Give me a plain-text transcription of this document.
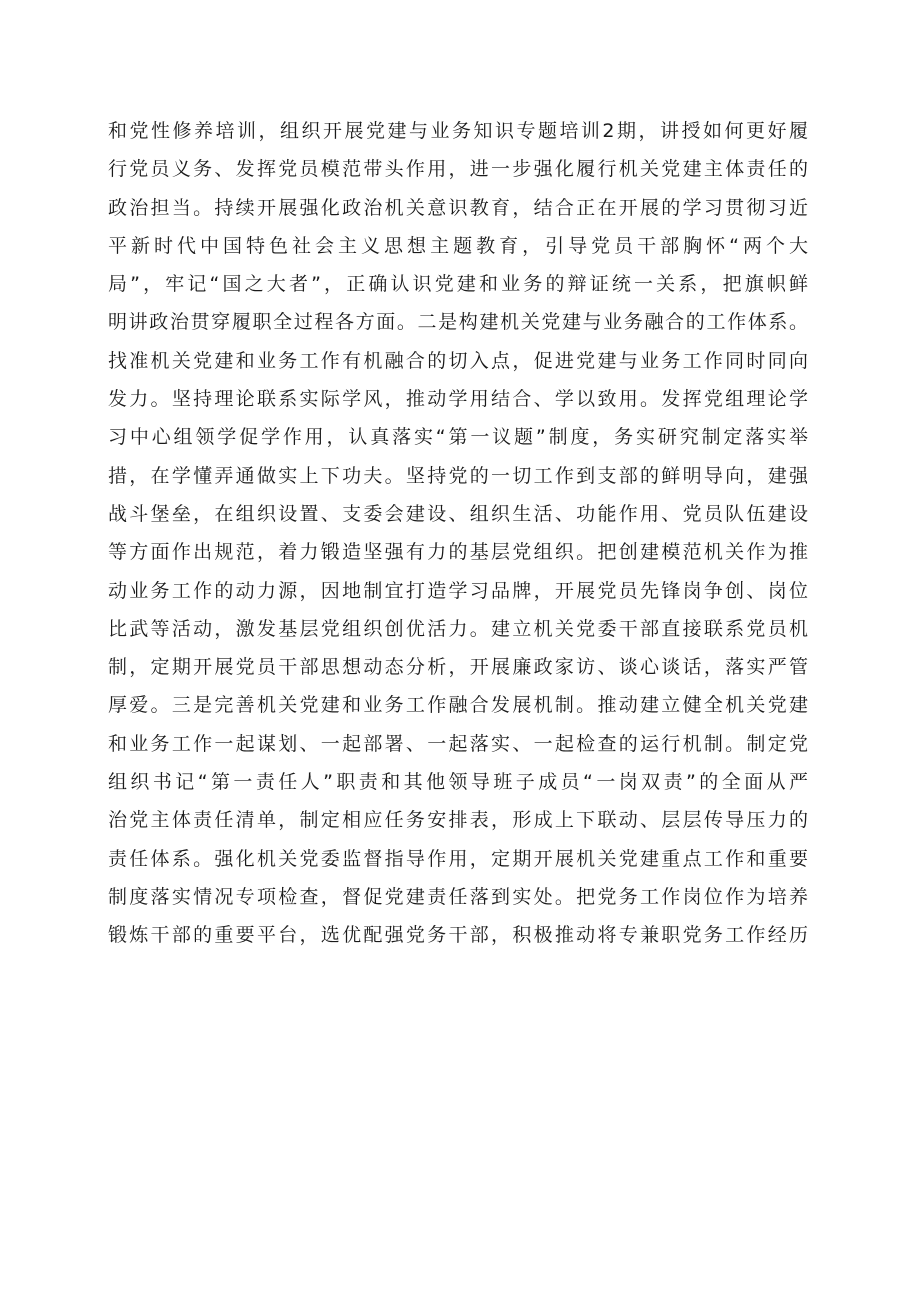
和党性修养培训，组织开展党建与业务知识专题培训2期，讲授如何更好履
行党员义务、发挥党员模范带头作用，进一步强化履行机关党建主体责任的
政治担当。持续开展强化政治机关意识教育，结合正在开展的学习贯彻习近
平新时代中国特色社会主义思想主题教育，引导党员干部胸怀“两个大
局”，牢记“国之大者”，正确认识党建和业务的辩证统一关系，把旗帜鲜
明讲政治贯穿履职全过程各方面。二是构建机关党建与业务融合的工作体系。
找准机关党建和业务工作有机融合的切入点，促进党建与业务工作同时同向
发力。坚持理论联系实际学风，推动学用结合、学以致用。发挥党组理论学
习中心组领学促学作用，认真落实“第一议题”制度，务实研究制定落实举
措，在学懂弄通做实上下功夫。坚持党的一切工作到支部的鲜明导向，建强
战斗堡垒，在组织设置、支委会建设、组织生活、功能作用、党员队伍建设
等方面作出规范，着力锻造坚强有力的基层党组织。把创建模范机关作为推
动业务工作的动力源，因地制宜打造学习品牌，开展党员先锋岗争创、岗位
比武等活动，激发基层党组织创优活力。建立机关党委干部直接联系党员机
制，定期开展党员干部思想动态分析，开展廉政家访、谈心谈话，落实严管
厚爱。三是完善机关党建和业务工作融合发展机制。推动建立健全机关党建
和业务工作一起谋划、一起部署、一起落实、一起检查的运行机制。制定党
组织书记“第一责任人”职责和其他领导班子成员“一岗双责”的全面从严
治党主体责任清单，制定相应任务安排表，形成上下联动、层层传导压力的
责任体系。强化机关党委监督指导作用，定期开展机关党建重点工作和重要
制度落实情况专项检查，督促党建责任落到实处。把党务工作岗位作为培养
锻炼干部的重要平台，选优配强党务干部，积极推动将专兼职党务工作经历
